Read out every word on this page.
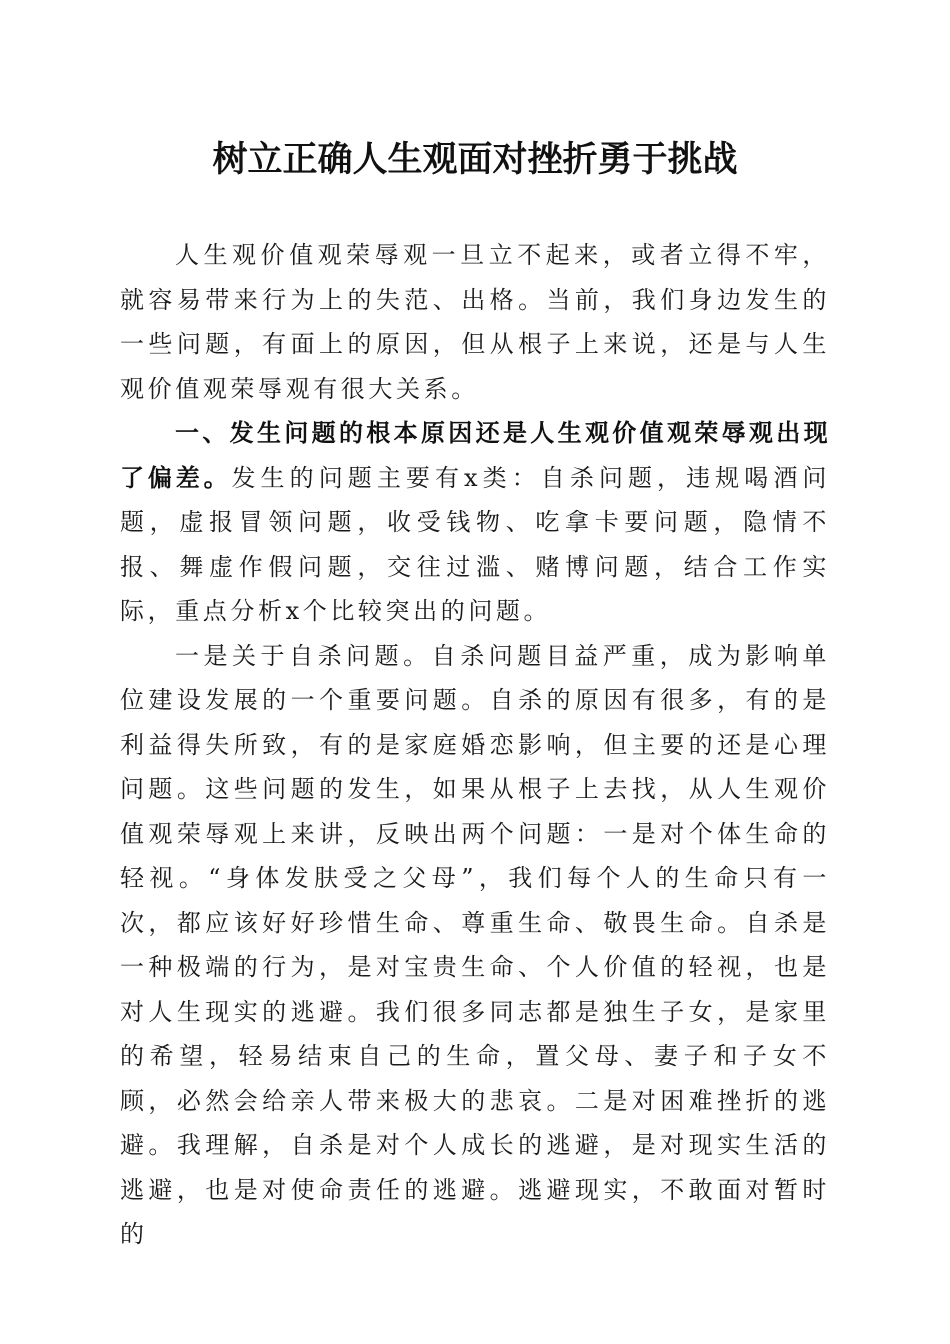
树立正确人生观面对挫折勇于挑战

人生观价值观荣辱观一旦立不起来，或者立得不牢，就容易带来行为上的失范、出格。当前，我们身边发生的一些问题，有面上的原因，但从根子上来说，还是与人生观价值观荣辱观有很大关系。

一、发生问题的根本原因还是人生观价值观荣辱观出现了偏差。发生的问题主要有x类：自杀问题，违规喝酒问题，虚报冒领问题，收受钱物、吃拿卡要问题，隐情不报、舞虚作假问题，交往过滥、赌博问题，结合工作实际，重点分析x个比较突出的问题。

一是关于自杀问题。自杀问题目益严重，成为影响单位建设发展的一个重要问题。自杀的原因有很多，有的是利益得失所致，有的是家庭婚恋影响，但主要的还是心理问题。这些问题的发生，如果从根子上去找，从人生观价值观荣辱观上来讲，反映出两个问题：一是对个体生命的轻视。“身体发肤受之父母”，我们每个人的生命只有一次，都应该好好珍惜生命、尊重生命、敬畏生命。自杀是一种极端的行为，是对宝贵生命、个人价值的轻视，也是对人生现实的逃避。我们很多同志都是独生子女，是家里的希望，轻易结束自己的生命，置父母、妻子和子女不顾，必然会给亲人带来极大的悲哀。二是对困难挫折的逃避。我理解，自杀是对个人成长的逃避，是对现实生活的逃避，也是对使命责任的逃避。逃避现实，不敢面对暂时的
